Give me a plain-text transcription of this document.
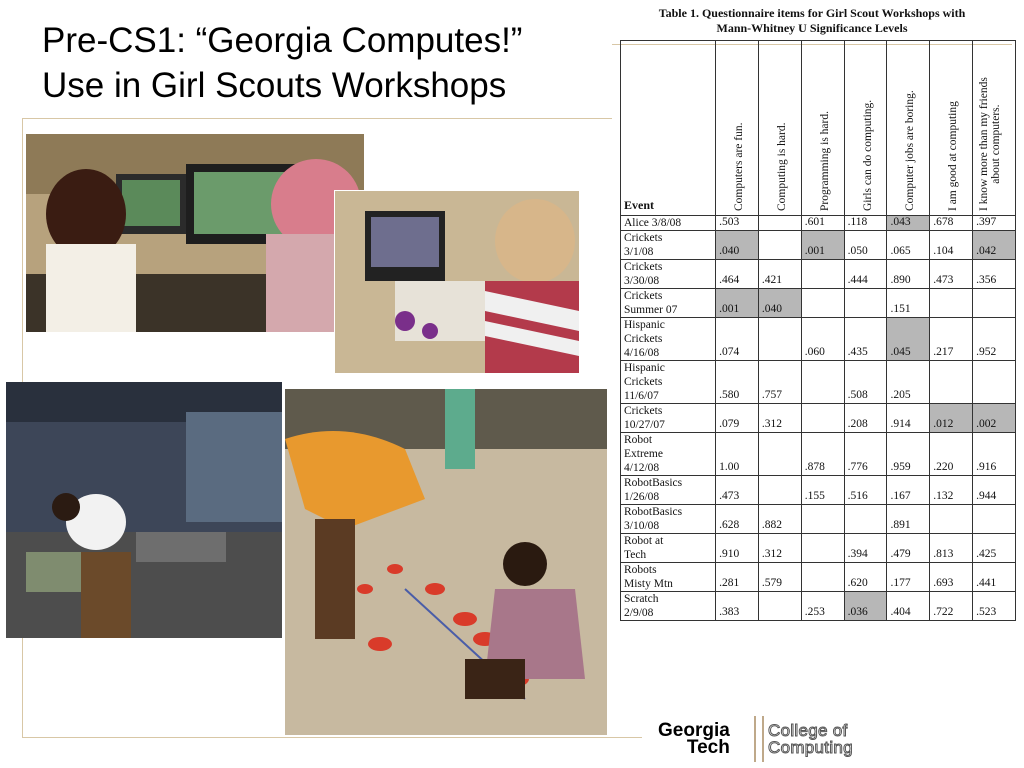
Pre-CS1: “Georgia Computes!”
Use in Girl Scouts Workshops
Table 1. Questionnaire items for Girl Scout Workshops with
Mann-Whitney U Significance Levels
Event	Computers are fun.	Computing is hard.	Programming is hard.	Girls can do computing.	Computer jobs are boring.	I am good at computing	I know more than my friends about computers.

Alice 3/8/08	.503		.601	.118	.043	.678	.397

Crickets
3/1/08	.040		.001	.050	.065	.104	.042

Crickets
3/30/08	.464	.421		.444	.890	.473	.356

Crickets
Summer 07	.001	.040			.151		

Hispanic
Crickets
4/16/08	.074		.060	.435	.045	.217	.952

Hispanic
Crickets
11/6/07	.580	.757		.508	.205		

Crickets
10/27/07	.079	.312		.208	.914	.012	.002

Robot
Extreme
4/12/08	1.00		.878	.776	.959	.220	.916

RobotBasics
1/26/08	.473		.155	.516	.167	.132	.944

RobotBasics
3/10/08	.628	.882			.891		

Robot at
Tech	.910	.312		.394	.479	.813	.425

Robots
Misty Mtn	.281	.579		.620	.177	.693	.441

Scratch
2/9/08	.383		.253	.036	.404	.722	.523
Georgia
Tech
College of
Computing
